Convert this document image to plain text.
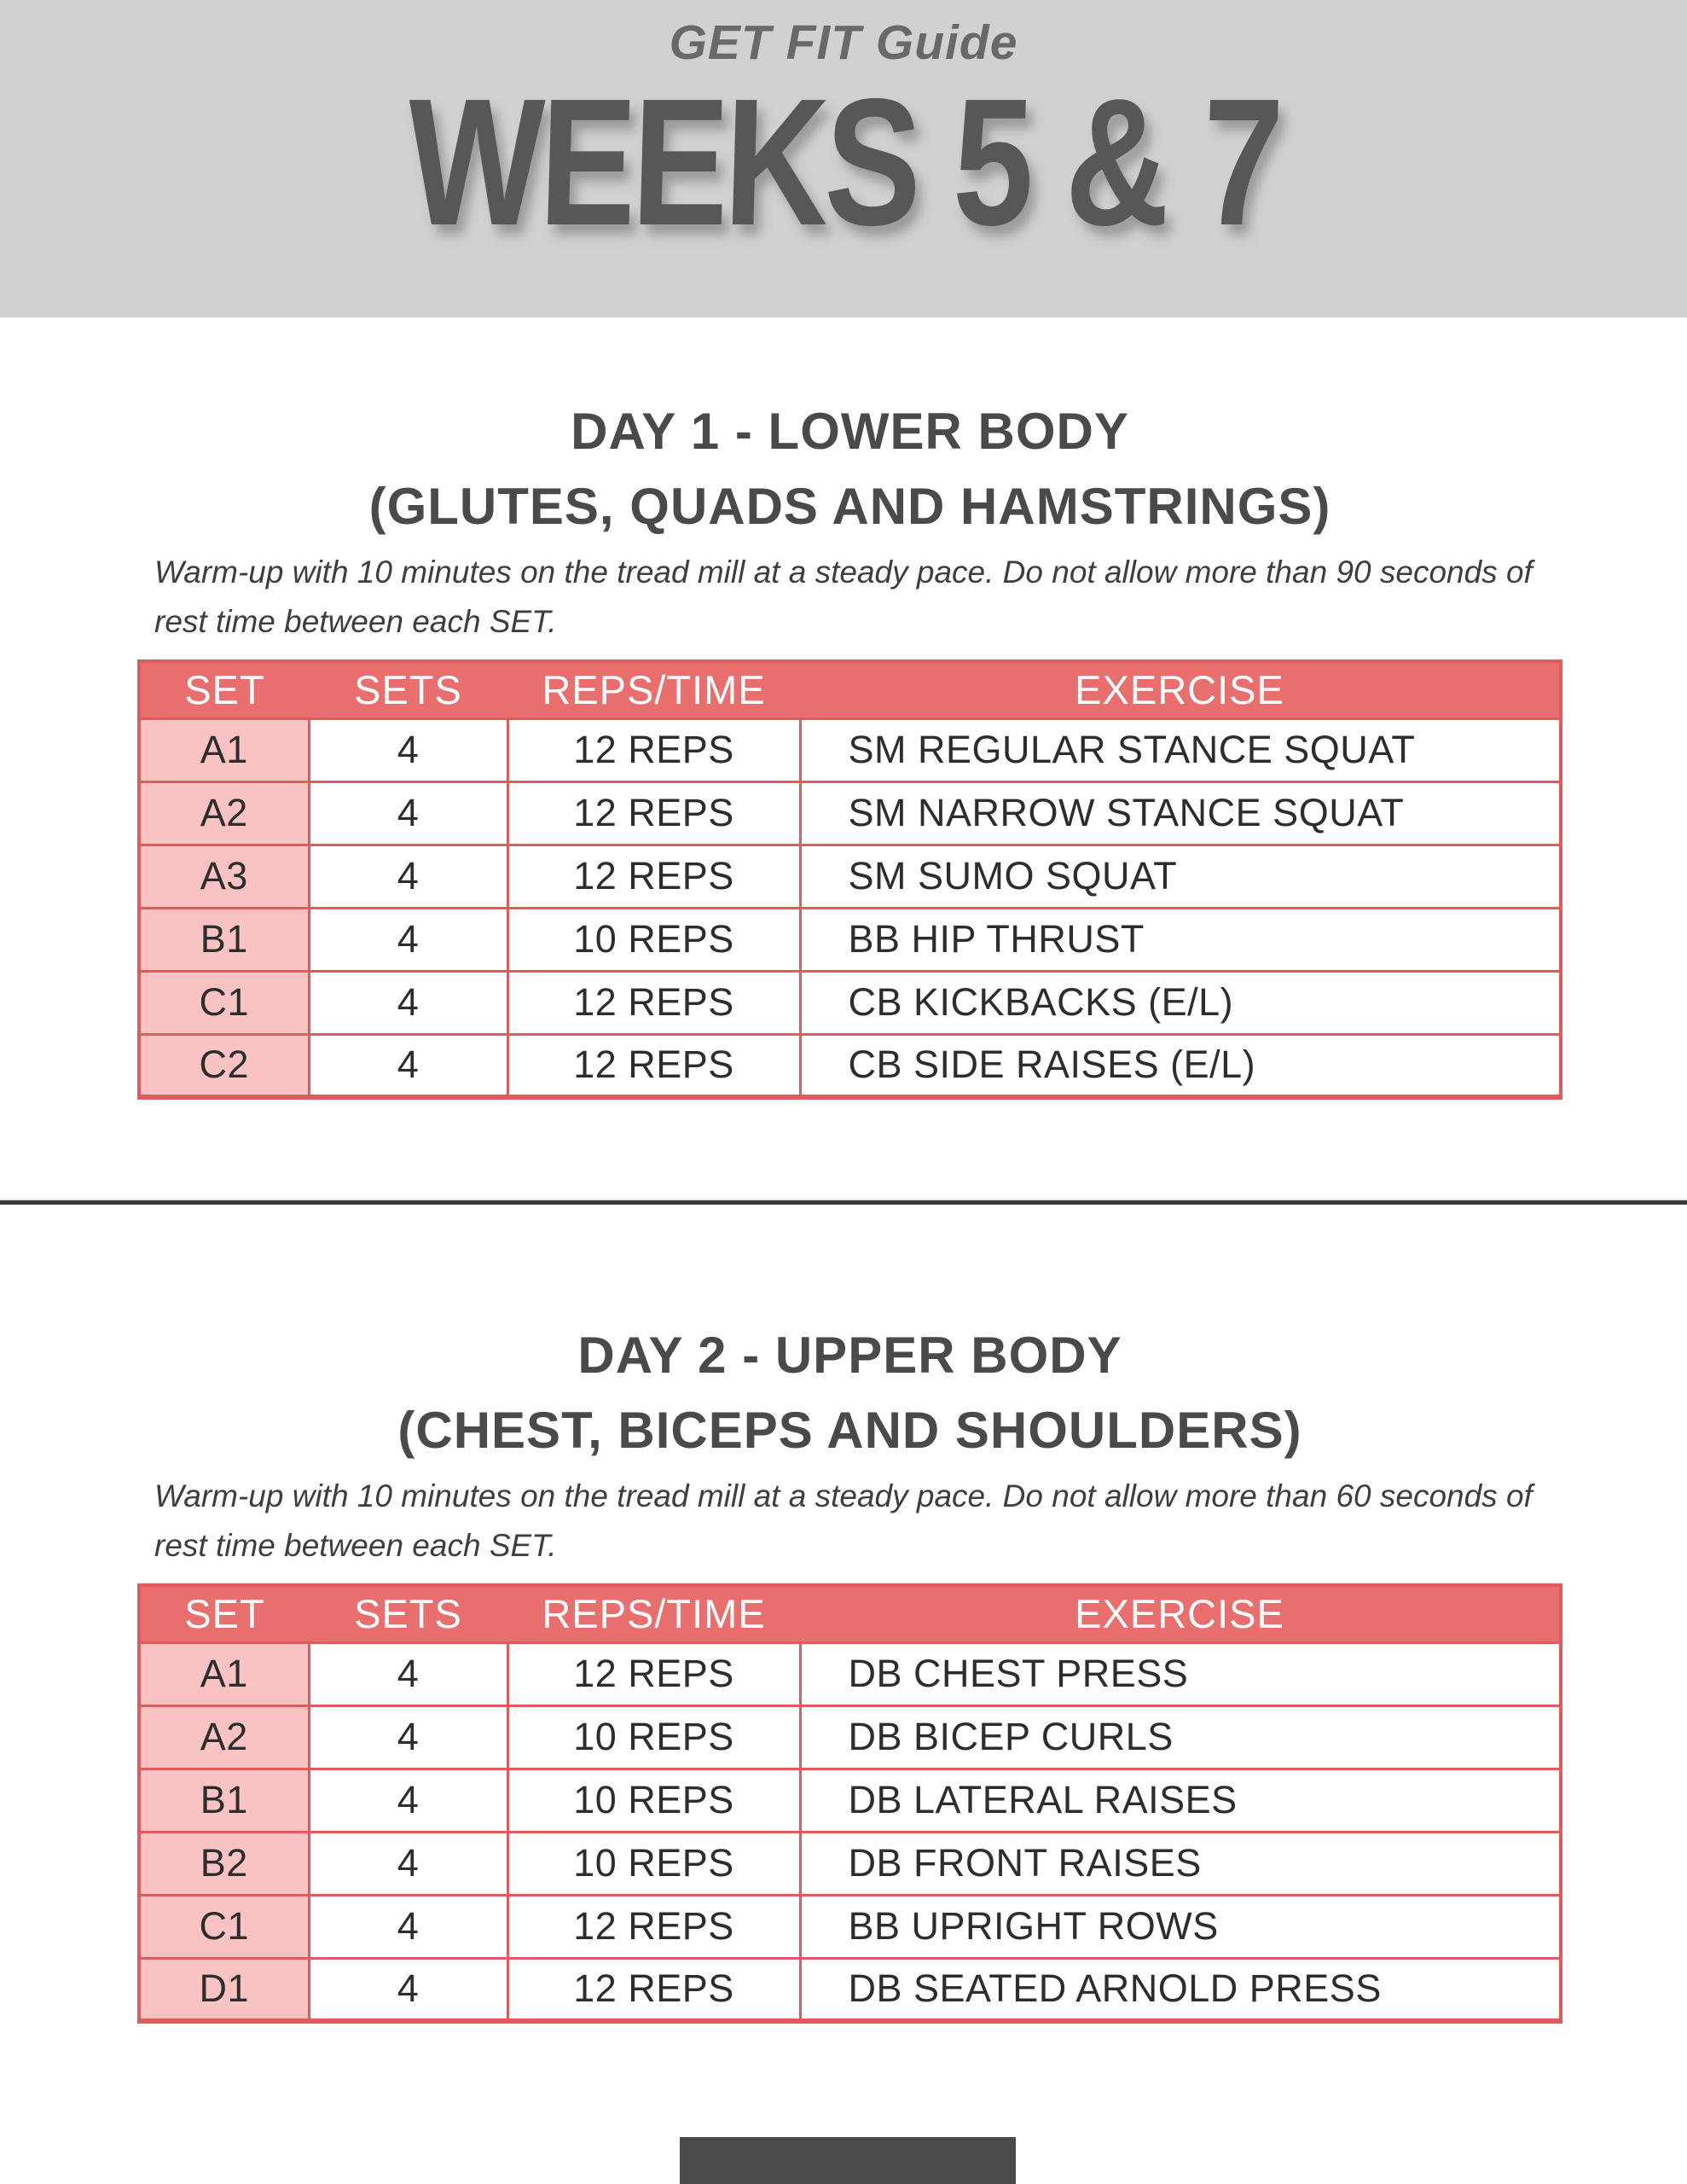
GET FIT Guide
WEEKS 5 & 7
DAY 1 - LOWER BODY
(GLUTES, QUADS AND HAMSTRINGS)

Warm-up with 10 minutes on the tread mill at a steady pace. Do not allow more than 90 seconds of rest time between each SET.

SET	SETS	REPS/TIME	EXERCISE
A1	4	12 REPS	SM REGULAR STANCE SQUAT
A2	4	12 REPS	SM NARROW STANCE SQUAT
A3	4	12 REPS	SM SUMO SQUAT
B1	4	10 REPS	BB HIP THRUST
C1	4	12 REPS	CB KICKBACKS (E/L)
C2	4	12 REPS	CB SIDE RAISES (E/L)
DAY 2 - UPPER BODY
(CHEST, BICEPS AND SHOULDERS)

Warm-up with 10 minutes on the tread mill at a steady pace. Do not allow more than 60 seconds of rest time between each SET.

SET	SETS	REPS/TIME	EXERCISE
A1	4	12 REPS	DB CHEST PRESS
A2	4	10 REPS	DB BICEP CURLS
B1	4	10 REPS	DB LATERAL RAISES
B2	4	10 REPS	DB FRONT RAISES
C1	4	12 REPS	BB UPRIGHT ROWS
D1	4	12 REPS	DB SEATED ARNOLD PRESS
